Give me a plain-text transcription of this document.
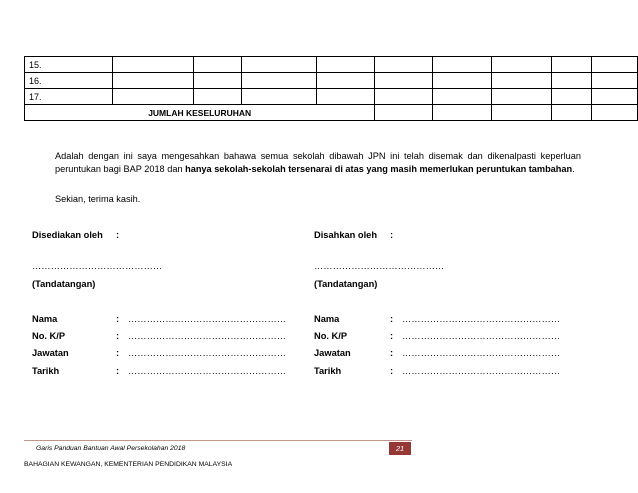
15.									
16.									
17.									
JUMLAH KESELURUHAN									

Adalah dengan ini saya mengesahkan bahawa semua sekolah dibawah JPN ini telah disemak dan dikenalpasti keperluan peruntukan bagi BAP 2018 dan hanya sekolah-sekolah tersenarai di atas yang masih memerlukan peruntukan tambahan.

Sekian, terima kasih.

Disediakan oleh :
……………………………………
(Tandatangan)
Nama	: ……………………………………………
No. K/P	: ……………………………………………
Jawatan	: ……………………………………………
Tarikh	: ……………………………………………
Disahkan oleh :
……………………………………
(Tandatangan)
Nama	: ……………………………………………
No. K/P	: ……………………………………………
Jawatan	: ……………………………………………
Tarikh	: ……………………………………………
Garis Panduan Bantuan Awal Persekolahan 2018	21
BAHAGIAN KEWANGAN, KEMENTERIAN PENDIDIKAN MALAYSIA
